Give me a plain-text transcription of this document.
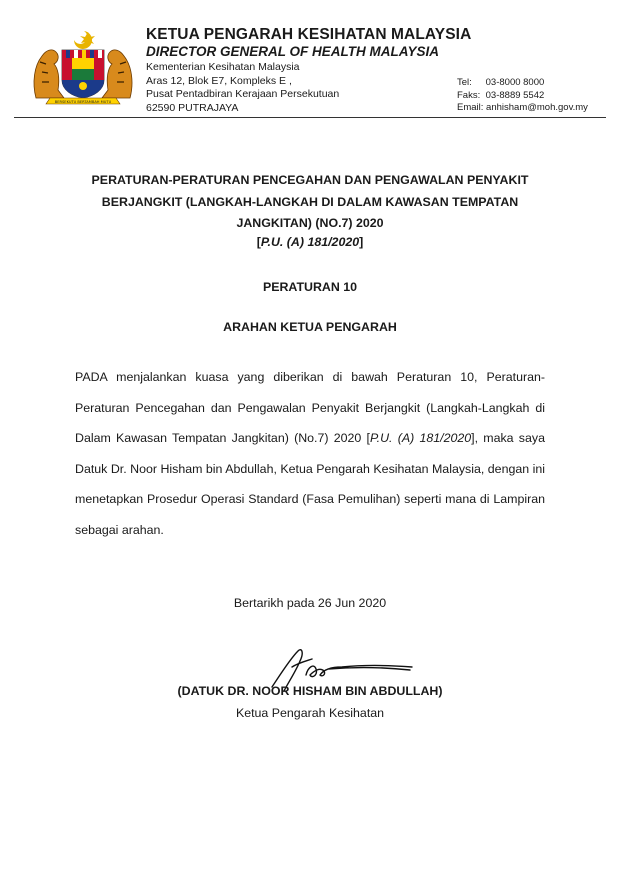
BERSEKUTU BERTAMBAH MUTU
KETUA PENGARAH KESIHATAN MALAYSIA
DIRECTOR GENERAL OF HEALTH MALAYSIA
Kementerian Kesihatan Malaysia
Aras 12, Blok E7, Kompleks E ,
Pusat Pentadbiran Kerajaan Persekutuan
62590 PUTRAJAYA
Tel: 03-8000 8000
Faks: 03-8889 5542
Email: anhisham@moh.gov.my
PERATURAN-PERATURAN PENCEGAHAN DAN PENGAWALAN PENYAKIT
BERJANGKIT (LANGKAH-LANGKAH DI DALAM KAWASAN TEMPATAN
JANGKITAN) (NO.7) 2020
[P.U. (A) 181/2020]
PERATURAN 10
ARAHAN KETUA PENGARAH
PADA menjalankan kuasa yang diberikan di bawah Peraturan 10, Peraturan-Peraturan Pencegahan dan Pengawalan Penyakit Berjangkit (Langkah-Langkah di Dalam Kawasan Tempatan Jangkitan) (No.7) 2020 [P.U. (A) 181/2020], maka saya Datuk Dr. Noor Hisham bin Abdullah, Ketua Pengarah Kesihatan Malaysia, dengan ini menetapkan Prosedur Operasi Standard (Fasa Pemulihan) seperti mana di Lampiran sebagai arahan.
Bertarikh pada 26 Jun 2020
(DATUK DR. NOOR HISHAM BIN ABDULLAH)
Ketua Pengarah Kesihatan
